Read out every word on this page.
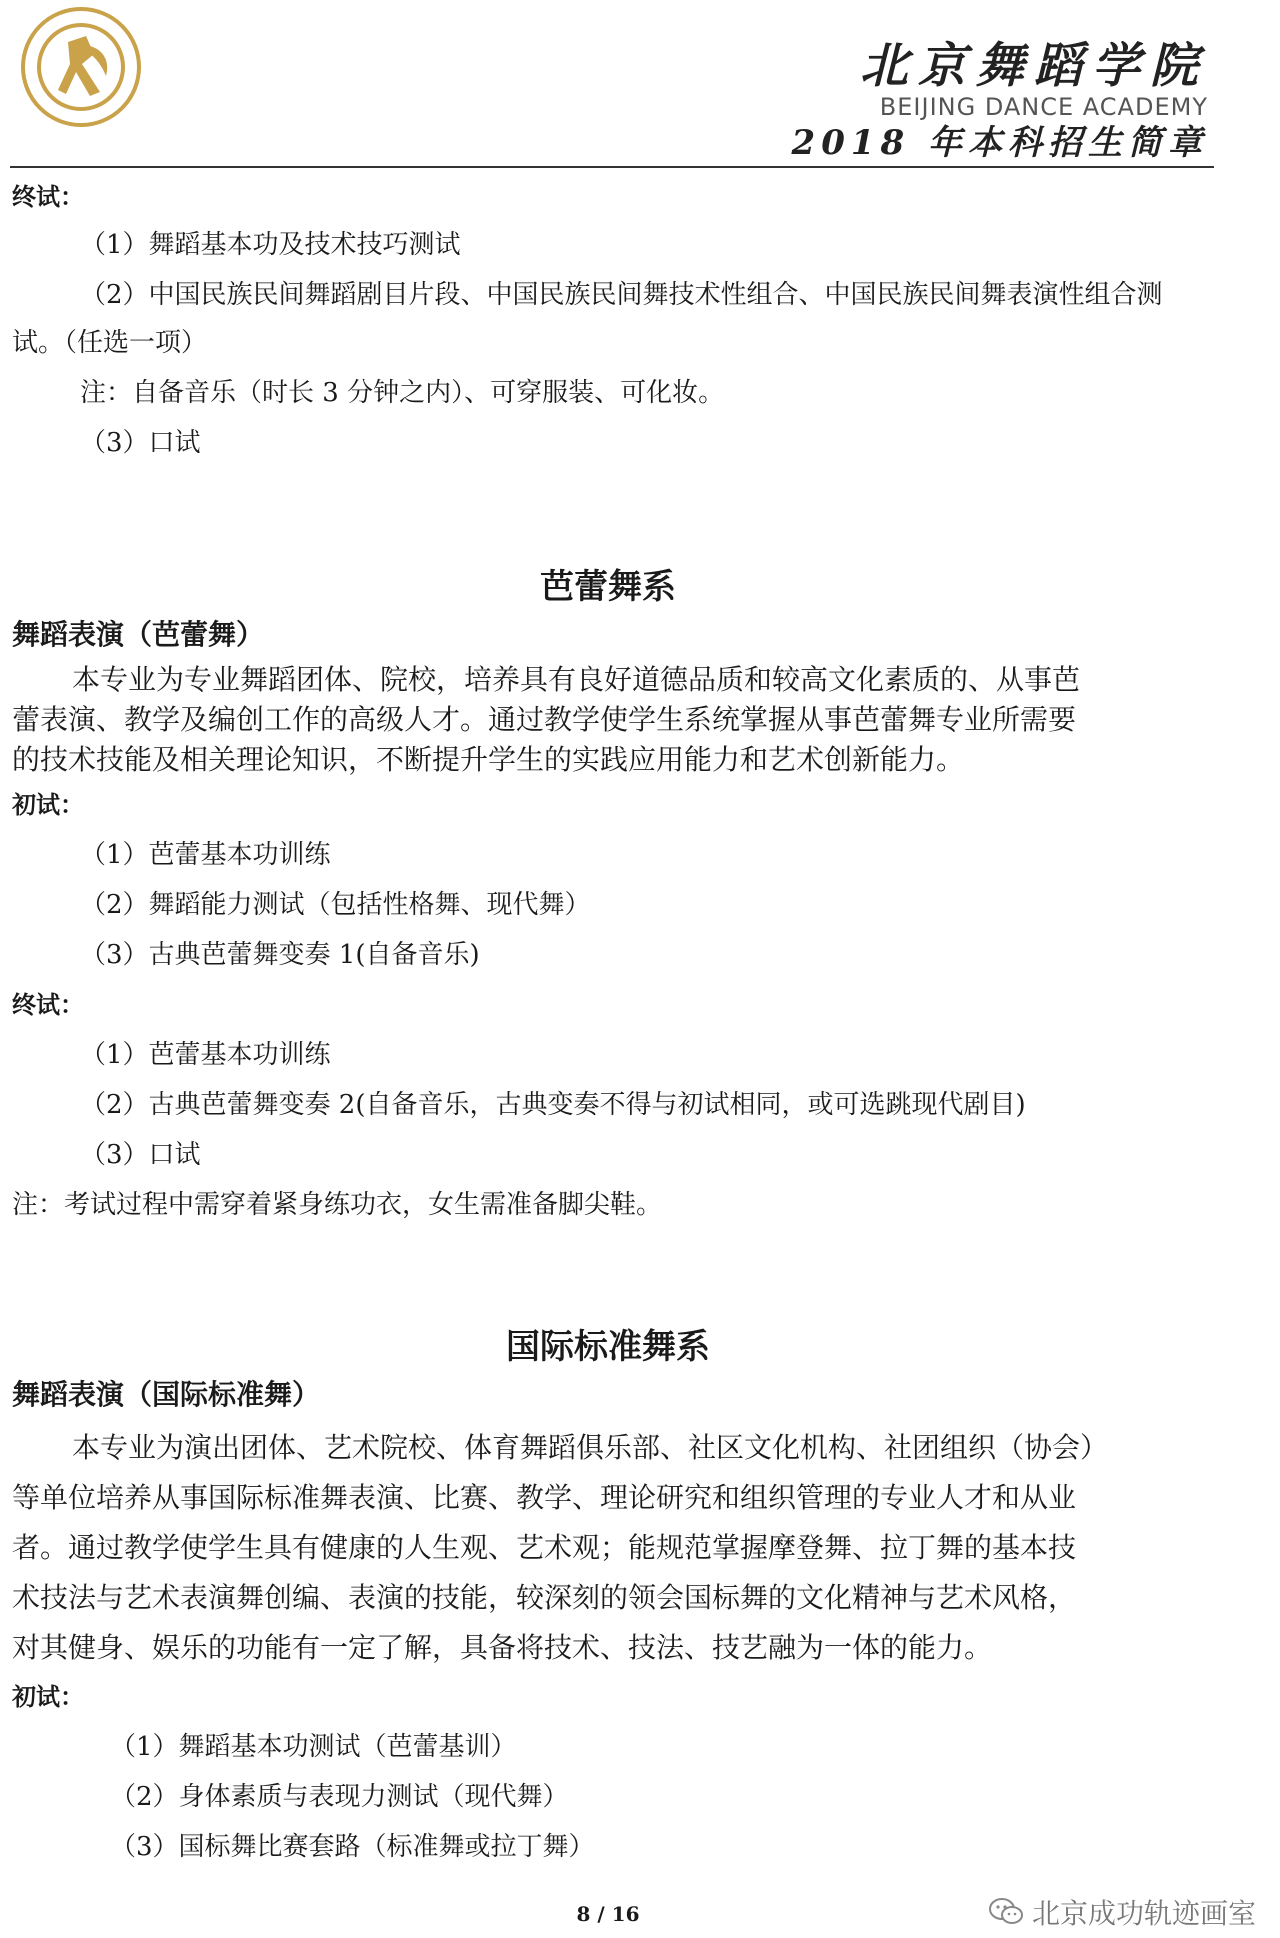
北京舞蹈学院
BEIJING DANCE ACADEMY
2018 年本科招生简章
终试：
（1）舞蹈基本功及技术技巧测试
（2）中国民族民间舞蹈剧目片段、中国民族民间舞技术性组合、中国民族民间舞表演性组合测
试。（任选一项）
注：自备音乐（时长 3 分钟之内）、可穿服装、可化妆。
（3）口试
芭蕾舞系
舞蹈表演（芭蕾舞）
本专业为专业舞蹈团体、院校，培养具有良好道德品质和较高文化素质的、从事芭
蕾表演、教学及编创工作的高级人才。通过教学使学生系统掌握从事芭蕾舞专业所需要
的技术技能及相关理论知识，不断提升学生的实践应用能力和艺术创新能力。
初试：
（1）芭蕾基本功训练
（2）舞蹈能力测试（包括性格舞、现代舞）
（3）古典芭蕾舞变奏 1(自备音乐)
终试：
（1）芭蕾基本功训练
（2）古典芭蕾舞变奏 2(自备音乐，古典变奏不得与初试相同，或可选跳现代剧目)
（3）口试
注：考试过程中需穿着紧身练功衣，女生需准备脚尖鞋。
国际标准舞系
舞蹈表演（国际标准舞）
本专业为演出团体、艺术院校、体育舞蹈俱乐部、社区文化机构、社团组织（协会）
等单位培养从事国际标准舞表演、比赛、教学、理论研究和组织管理的专业人才和从业
者。通过教学使学生具有健康的人生观、艺术观；能规范掌握摩登舞、拉丁舞的基本技
术技法与艺术表演舞创编、表演的技能，较深刻的领会国标舞的文化精神与艺术风格，
对其健身、娱乐的功能有一定了解，具备将技术、技法、技艺融为一体的能力。
初试：
（1）舞蹈基本功测试（芭蕾基训）
（2）身体素质与表现力测试（现代舞）
（3）国标舞比赛套路（标准舞或拉丁舞）
8 / 16	北京成功轨迹画室
